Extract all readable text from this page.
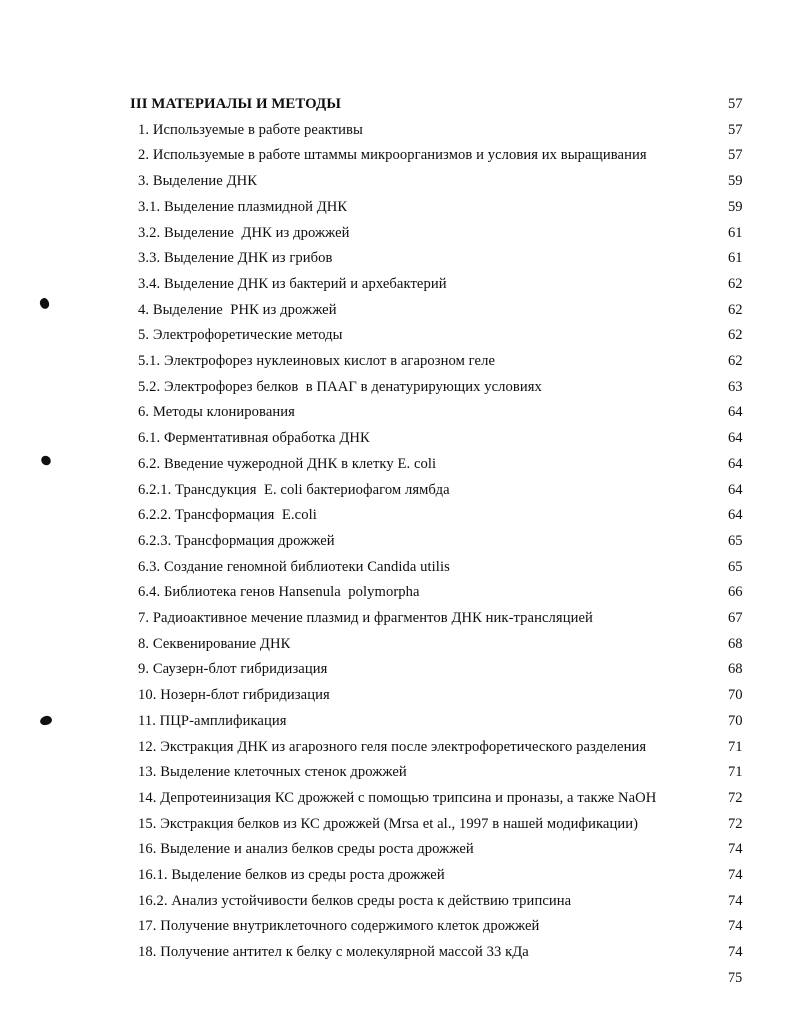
III МАТЕРИАЛЫ И МЕТОДЫ	57
1. Используемые в работе реактивы	57
2. Используемые в работе штаммы микроорганизмов и условия их выращивания	57
3. Выделение ДНК	59
3.1. Выделение плазмидной ДНК	59
3.2. Выделение  ДНК из дрожжей	61
3.3. Выделение ДНК из грибов	61
3.4. Выделение ДНК из бактерий и архебактерий	62
4. Выделение  РНК из дрожжей	62
5. Электрофоретические методы	62
5.1. Электрофорез нуклеиновых кислот в агарозном геле	62
5.2. Электрофорез белков  в ПААГ в денатурирующих условиях	63
6. Методы клонирования	64
6.1. Ферментативная обработка ДНК	64
6.2. Введение чужеродной ДНК в клетку E. coli	64
6.2.1. Трансдукция  E. coli бактериофагом лямбда	64
6.2.2. Трансформация  E.coli	64
6.2.3. Трансформация дрожжей	65
6.3. Создание геномной библиотеки Candida utilis	65
6.4. Библиотека генов Hansenula  polymorpha	66
7. Радиоактивное мечение плазмид и фрагментов ДНК ник-трансляцией	67
8. Секвенирование ДНК	68
9. Саузерн-блот гибридизация	68
10. Нозерн-блот гибридизация	70
11. ПЦР-амплификация	70
12. Экстракция ДНК из агарозного геля после электрофоретического разделения	71
13. Выделение клеточных стенок дрожжей	71
14. Депротеинизация КС дрожжей с помощью трипсина и проназы, а также NaOH	72
15. Экстракция белков из КС дрожжей (Mrsa et al., 1997 в нашей модификации)	72
16. Выделение и анализ белков среды роста дрожжей	74
16.1. Выделение белков из среды роста дрожжей	74
16.2. Анализ устойчивости белков среды роста к действию трипсина	74
17. Получение внутриклеточного содержимого клеток дрожжей	74
18. Получение антител к белку с молекулярной массой 33 кДа	74
75
